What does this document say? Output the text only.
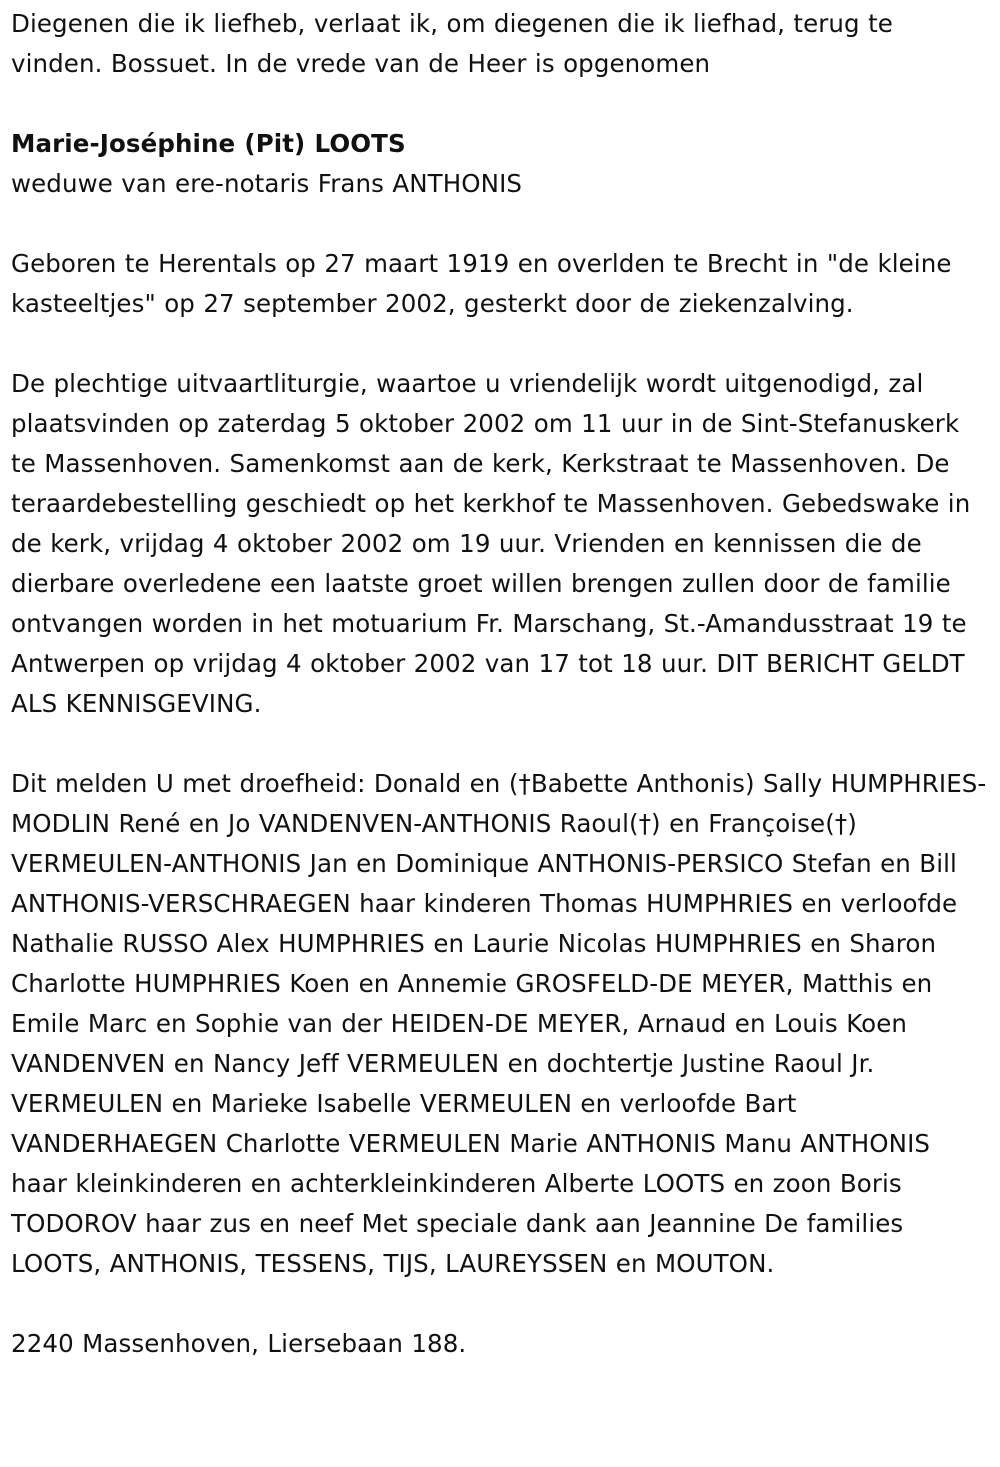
Diegenen die ik liefheb, verlaat ik, om diegenen die ik liefhad, terug te vinden. Bossuet. In de vrede van de Heer is opgenomen

Marie-Joséphine (Pit) LOOTS

weduwe van ere-notaris Frans ANTHONIS

Geboren te Herentals op 27 maart 1919 en overlden te Brecht in "de kleine kasteeltjes" op 27 september 2002, gesterkt door de ziekenzalving.

De plechtige uitvaartliturgie, waartoe u vriendelijk wordt uitgenodigd, zal plaatsvinden op zaterdag 5 oktober 2002 om 11 uur in de Sint-Stefanuskerk te Massenhoven. Samenkomst aan de kerk, Kerkstraat te Massenhoven. De teraardebestelling geschiedt op het kerkhof te Massenhoven. Gebedswake in de kerk, vrijdag 4 oktober 2002 om 19 uur. Vrienden en kennissen die de dierbare overledene een laatste groet willen brengen zullen door de familie ontvangen worden in het motuarium Fr. Marschang, St.-Amandusstraat 19 te Antwerpen op vrijdag 4 oktober 2002 van 17 tot 18 uur. DIT BERICHT GELDT ALS KENNISGEVING.

Dit melden U met droefheid: Donald en (†Babette Anthonis) Sally HUMPHRIES-MODLIN René en Jo VANDENVEN-ANTHONIS Raoul(†) en Françoise(†) VERMEULEN-ANTHONIS Jan en Dominique ANTHONIS-PERSICO Stefan en Bill ANTHONIS-VERSCHRAEGEN haar kinderen Thomas HUMPHRIES en verloofde Nathalie RUSSO Alex HUMPHRIES en Laurie Nicolas HUMPHRIES en Sharon Charlotte HUMPHRIES Koen en Annemie GROSFELD-DE MEYER, Matthis en Emile Marc en Sophie van der HEIDEN-DE MEYER, Arnaud en Louis Koen VANDENVEN en Nancy Jeff VERMEULEN en dochtertje Justine Raoul Jr. VERMEULEN en Marieke Isabelle VERMEULEN en verloofde Bart VANDERHAEGEN Charlotte VERMEULEN Marie ANTHONIS Manu ANTHONIS haar kleinkinderen en achterkleinkinderen Alberte LOOTS en zoon Boris TODOROV haar zus en neef Met speciale dank aan Jeannine De families LOOTS, ANTHONIS, TESSENS, TIJS, LAUREYSSEN en MOUTON.

2240 Massenhoven, Liersebaan 188.
